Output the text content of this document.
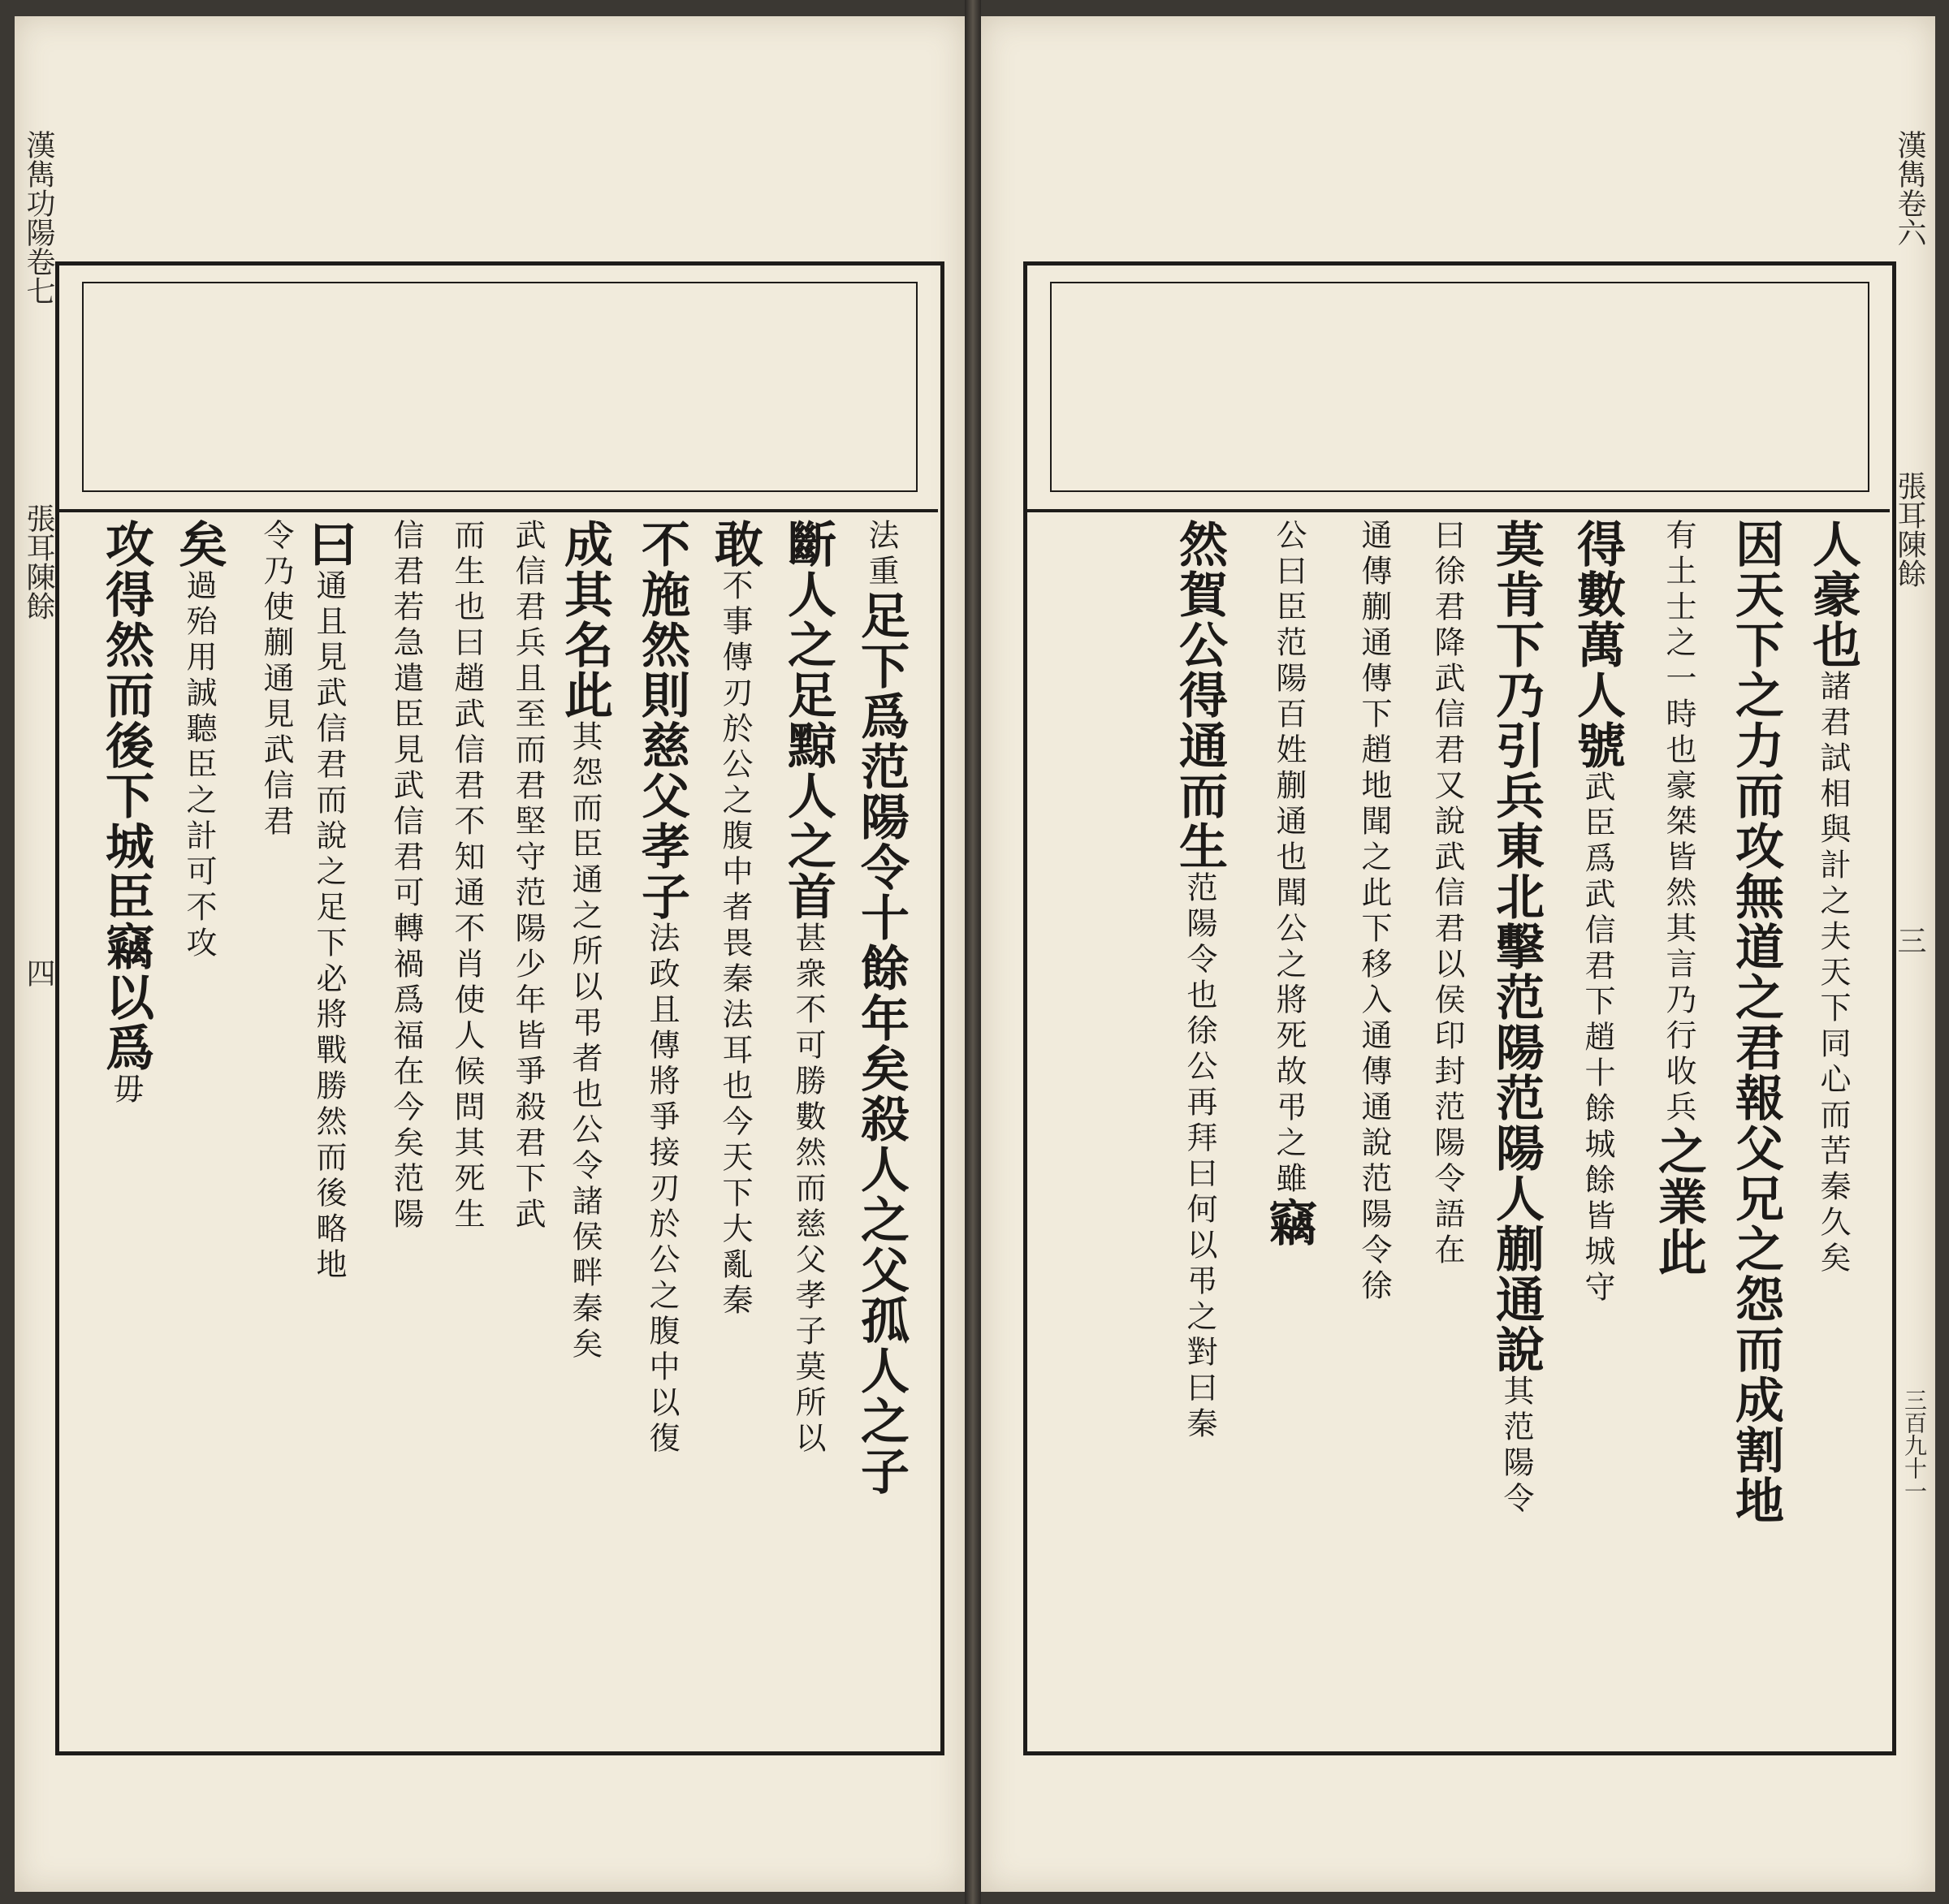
漢雋功陽卷七
張耳陳餘
四
法重足下爲范陽令十餘年矣殺人之父孤人之子
斷人之足黥人之首甚衆不可勝數然而慈父孝子莫所以
敢不事傳刃於公之腹中者畏秦法耳也今天下大亂秦
不施然則慈父孝子法政且傳將爭接刃於公之腹中以復
成其名此其怨而臣通之所以弔者也公令諸侯畔秦矣
武信君兵且至而君堅守范陽少年皆爭殺君下武
而生也曰趙武信君不知通不肖使人候問其死生
信君若急遣臣見武信君可轉禍爲福在今矣范陽
曰通且見武信君而說之足下必將戰勝然而後略地
令乃使蒯通見武信君
矣過殆用誠聽臣之計可不攻
攻得然而後下城臣竊以爲毋
漢雋卷六
張耳陳餘
三
三百九十一
人豪也諸君試相與計之夫天下同心而苦秦久矣
因天下之力而攻無道之君報父兄之怨而成割地
有土士之一時也豪桀皆然其言乃行收兵之業此
得數萬人號武臣爲武信君下趙十餘城餘皆城守
莫肯下乃引兵東北擊范陽范陽人蒯通說其范陽令
曰徐君降武信君又說武信君以侯印封范陽令語在
通傳蒯通傳下趙地聞之此下移入通傳通說范陽令徐
公曰臣范陽百姓蒯通也聞公之將死故弔之雖竊
然賀公得通而生范陽令也徐公再拜曰何以弔之對曰秦
